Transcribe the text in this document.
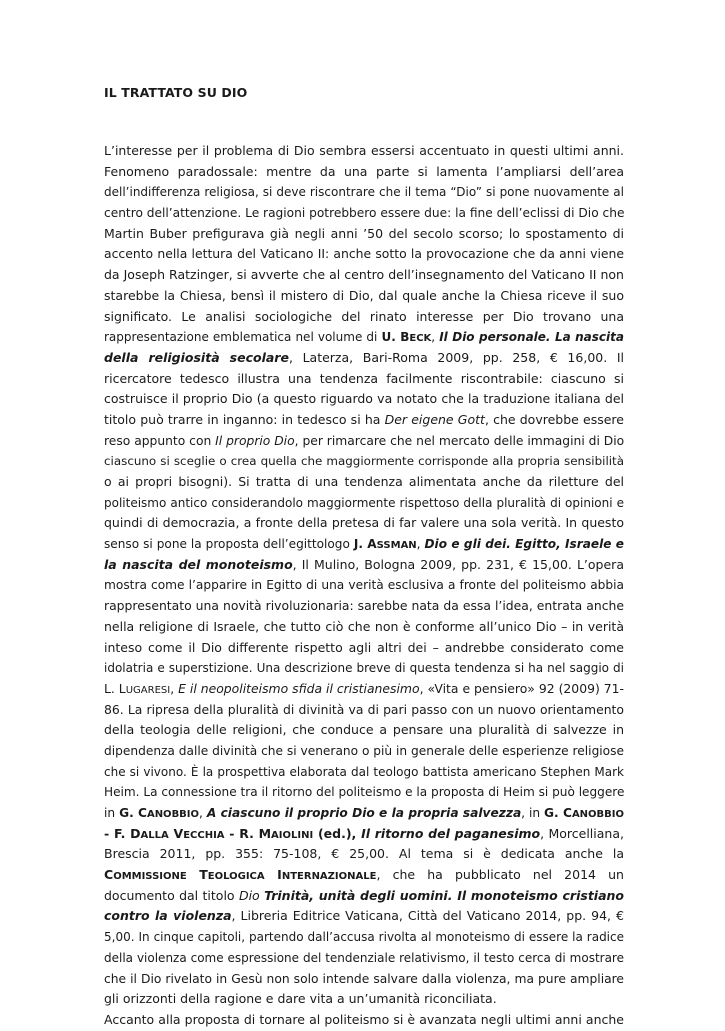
IL TRATTATO SU DIO
L’interesse per il problema di Dio sembra essersi accentuato in questi ultimi anni.
Fenomeno paradossale: mentre da una parte si lamenta l’ampliarsi dell’area
dell’indifferenza religiosa, si deve riscontrare che il tema “Dio” si pone nuovamente al
centro dell’attenzione. Le ragioni potrebbero essere due: la fine dell’eclissi di Dio che
Martin Buber prefigurava già negli anni ’50 del secolo scorso; lo spostamento di
accento nella lettura del Vaticano II: anche sotto la provocazione che da anni viene
da Joseph Ratzinger, si avverte che al centro dell’insegnamento del Vaticano II non
starebbe la Chiesa, bensì il mistero di Dio, dal quale anche la Chiesa riceve il suo
significato. Le analisi sociologiche del rinato interesse per Dio trovano una
rappresentazione emblematica nel volume di U. BECK, Il Dio personale. La nascita
della religiosità secolare, Laterza, Bari-Roma 2009, pp. 258, € 16,00. Il
ricercatore tedesco illustra una tendenza facilmente riscontrabile: ciascuno si
costruisce il proprio Dio (a questo riguardo va notato che la traduzione italiana del
titolo può trarre in inganno: in tedesco si ha Der eigene Gott, che dovrebbe essere
reso appunto con Il proprio Dio, per rimarcare che nel mercato delle immagini di Dio
ciascuno si sceglie o crea quella che maggiormente corrisponde alla propria sensibilità
o ai propri bisogni). Si tratta di una tendenza alimentata anche da riletture del
politeismo antico considerandolo maggiormente rispettoso della pluralità di opinioni e
quindi di democrazia, a fronte della pretesa di far valere una sola verità. In questo
senso si pone la proposta dell’egittologo J. ASSMAN, Dio e gli dei. Egitto, Israele e
la nascita del monoteismo, Il Mulino, Bologna 2009, pp. 231, € 15,00. L’opera
mostra come l’apparire in Egitto di una verità esclusiva a fronte del politeismo abbia
rappresentato una novità rivoluzionaria: sarebbe nata da essa l’idea, entrata anche
nella religione di Israele, che tutto ciò che non è conforme all’unico Dio – in verità
inteso come il Dio differente rispetto agli altri dei – andrebbe considerato come
idolatria e superstizione. Una descrizione breve di questa tendenza si ha nel saggio di
L. LUGARESI, E il neopoliteismo sfida il cristianesimo, «Vita e pensiero» 92 (2009) 71-
86. La ripresa della pluralità di divinità va di pari passo con un nuovo orientamento
della teologia delle religioni, che conduce a pensare una pluralità di salvezze in
dipendenza dalle divinità che si venerano o più in generale delle esperienze religiose
che si vivono. È la prospettiva elaborata dal teologo battista americano Stephen Mark
Heim. La connessione tra il ritorno del politeismo e la proposta di Heim si può leggere
in G. CANOBBIO, A ciascuno il proprio Dio e la propria salvezza, in G. CANOBBIO
- F. DALLA VECCHIA - R. MAIOLINI (ed.), Il ritorno del paganesimo, Morcelliana,
Brescia 2011, pp. 355: 75-108, € 25,00. Al tema si è dedicata anche la
COMMISSIONE TEOLOGICA INTERNAZIONALE, che ha pubblicato nel 2014 un
documento dal titolo Dio Trinità, unità degli uomini. Il monoteismo cristiano
contro la violenza, Libreria Editrice Vaticana, Città del Vaticano 2014, pp. 94, €
5,00. In cinque capitoli, partendo dall’accusa rivolta al monoteismo di essere la radice
della violenza come espressione del tendenziale relativismo, il testo cerca di mostrare
che il Dio rivelato in Gesù non solo intende salvare dalla violenza, ma pure ampliare
gli orizzonti della ragione e dare vita a un’umanità riconciliata.
Accanto alla proposta di tornare al politeismo si è avanzata negli ultimi anni anche
